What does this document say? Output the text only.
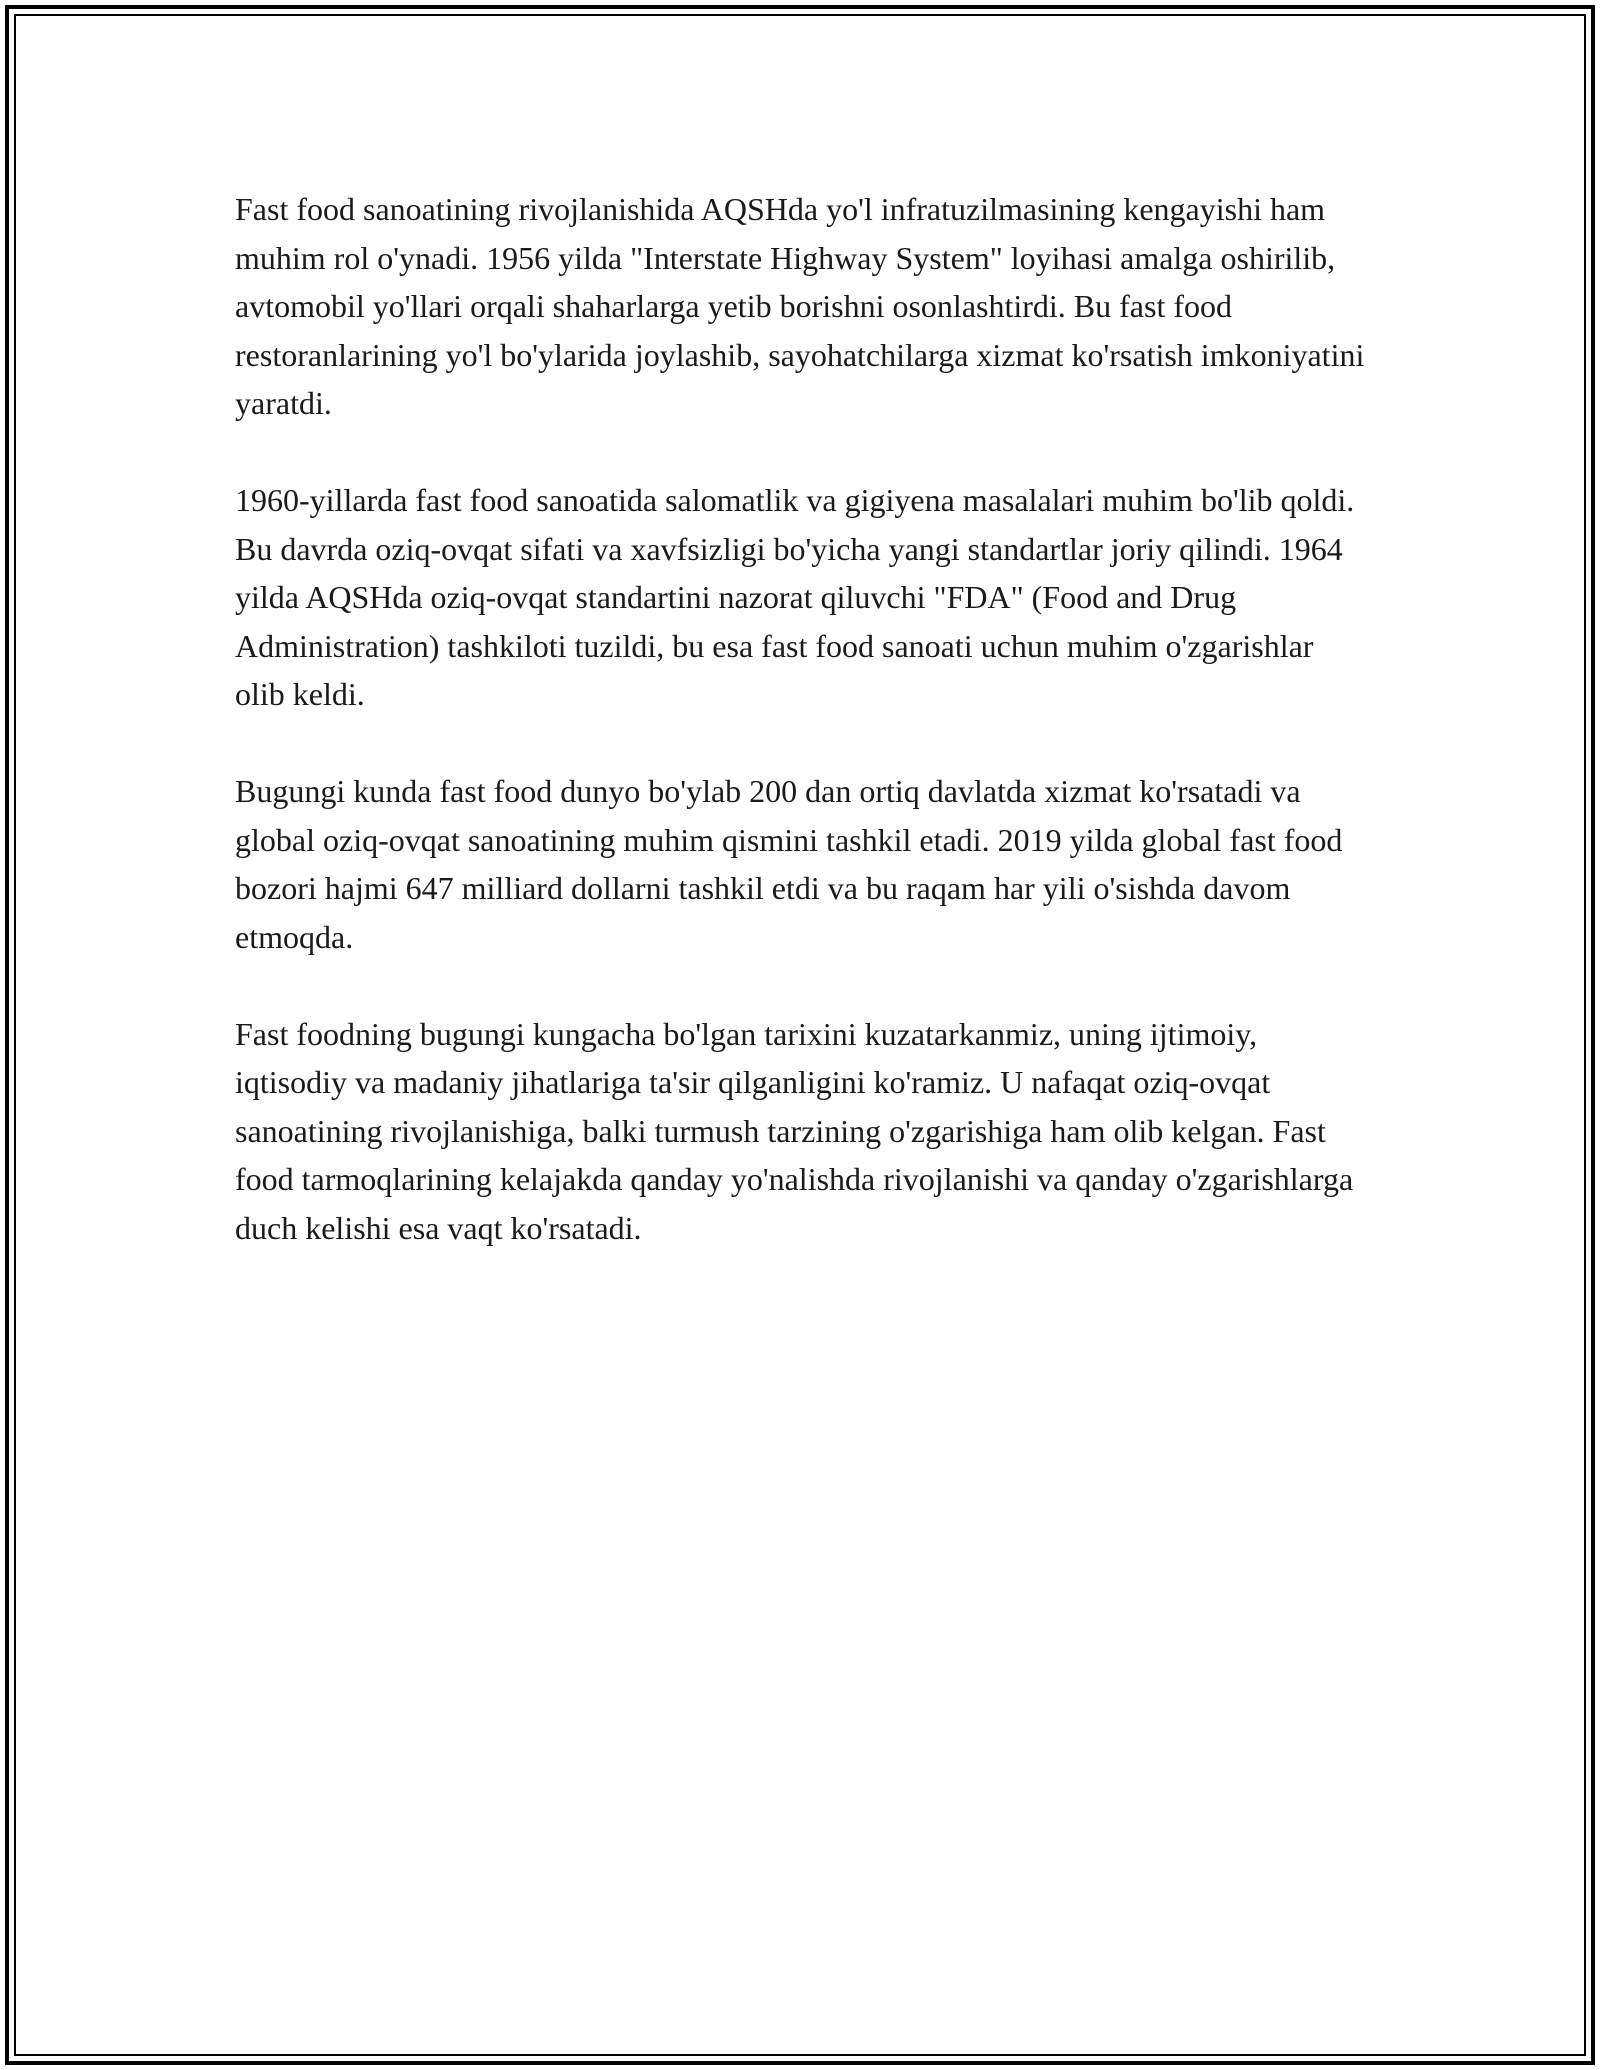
Fast food sanoatining rivojlanishida AQSHda yo'l infratuzilmasining kengayishi ham muhim rol o'ynadi. 1956 yilda "Interstate Highway System" loyihasi amalga oshirilib, avtomobil yo'llari orqali shaharlarga yetib borishni osonlashtirdi. Bu fast food restoranlarining yo'l bo'ylarida joylashib, sayohatchilarga xizmat ko'rsatish imkoniyatini yaratdi.

1960-yillarda fast food sanoatida salomatlik va gigiyena masalalari muhim bo'lib qoldi. Bu davrda oziq-ovqat sifati va xavfsizligi bo'yicha yangi standartlar joriy qilindi. 1964 yilda AQSHda oziq-ovqat standartini nazorat qiluvchi "FDA" (Food and Drug Administration) tashkiloti tuzildi, bu esa fast food sanoati uchun muhim o'zgarishlar olib keldi.

Bugungi kunda fast food dunyo bo'ylab 200 dan ortiq davlatda xizmat ko'rsatadi va global oziq-ovqat sanoatining muhim qismini tashkil etadi. 2019 yilda global fast food bozori hajmi 647 milliard dollarni tashkil etdi va bu raqam har yili o'sishda davom etmoqda.

Fast foodning bugungi kungacha bo'lgan tarixini kuzatarkanmiz, uning ijtimoiy, iqtisodiy va madaniy jihatlariga ta'sir qilganligini ko'ramiz. U nafaqat oziq-ovqat sanoatining rivojlanishiga, balki turmush tarzining o'zgarishiga ham olib kelgan. Fast food tarmoqlarining kelajakda qanday yo'nalishda rivojlanishi va qanday o'zgarishlarga duch kelishi esa vaqt ko'rsatadi.
